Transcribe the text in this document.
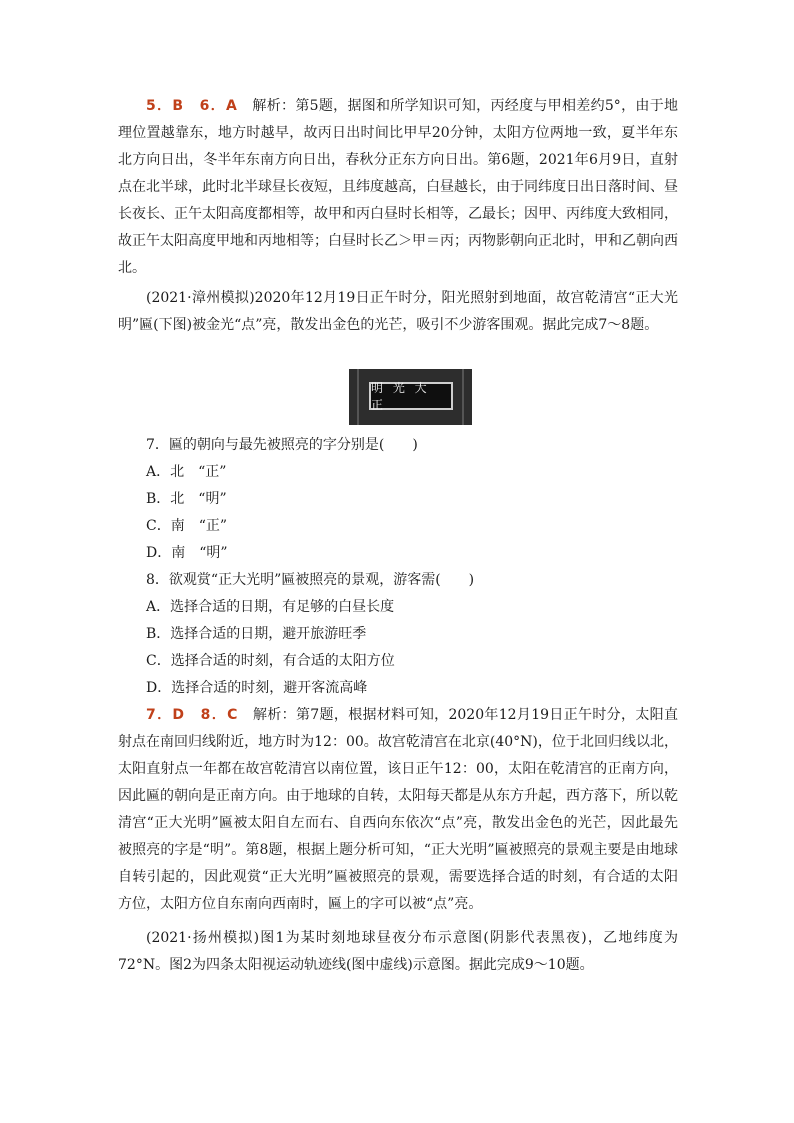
5．B　6．A　 解析：第5题，据图和所学知识可知，丙经度与甲相差约5°，由于地理位置越靠东，地方时越早，故丙日出时间比甲早20分钟，太阳方位两地一致，夏半年东北方向日出，冬半年东南方向日出，春秋分正东方向日出。第6题，2021年6月9日，直射点在北半球，此时北半球昼长夜短，且纬度越高，白昼越长，由于同纬度日出日落时间、昼长夜长、正午太阳高度都相等，故甲和丙白昼时长相等，乙最长；因甲、丙纬度大致相同，故正午太阳高度甲地和丙地相等；白昼时长乙＞甲＝丙；丙物影朝向正北时，甲和乙朝向西北。

(2021·漳州模拟)2020年12月19日正午时分，阳光照射到地面，故宫乾清宫“正大光明”匾(下图)被金光“点”亮，散发出金色的光芒，吸引不少游客围观。据此完成7～8题。

明 光 大 正
7．匾的朝向与最先被照亮的字分别是(　　)
A．北　“正”
B．北　“明”
C．南　“正”
D．南　“明”
8．欲观赏“正大光明”匾被照亮的景观，游客需(　　)
A．选择合适的日期，有足够的白昼长度
B．选择合适的日期，避开旅游旺季
C．选择合适的时刻，有合适的太阳方位
D．选择合适的时刻，避开客流高峰

7．D　8．C　 解析：第7题，根据材料可知，2020年12月19日正午时分，太阳直射点在南回归线附近，地方时为12：00。故宫乾清宫在北京(40°N)，位于北回归线以北，太阳直射点一年都在故宫乾清宫以南位置，该日正午12：00，太阳在乾清宫的正南方向，因此匾的朝向是正南方向。由于地球的自转，太阳每天都是从东方升起，西方落下，所以乾清宫“正大光明”匾被太阳自左而右、自西向东依次“点”亮，散发出金色的光芒，因此最先被照亮的字是“明”。第8题，根据上题分析可知，“正大光明”匾被照亮的景观主要是由地球自转引起的，因此观赏“正大光明”匾被照亮的景观，需要选择合适的时刻，有合适的太阳方位，太阳方位自东南向西南时，匾上的字可以被“点”亮。

(2021·扬州模拟)图1为某时刻地球昼夜分布示意图(阴影代表黑夜)，乙地纬度为72°N。图2为四条太阳视运动轨迹线(图中虚线)示意图。据此完成9～10题。
